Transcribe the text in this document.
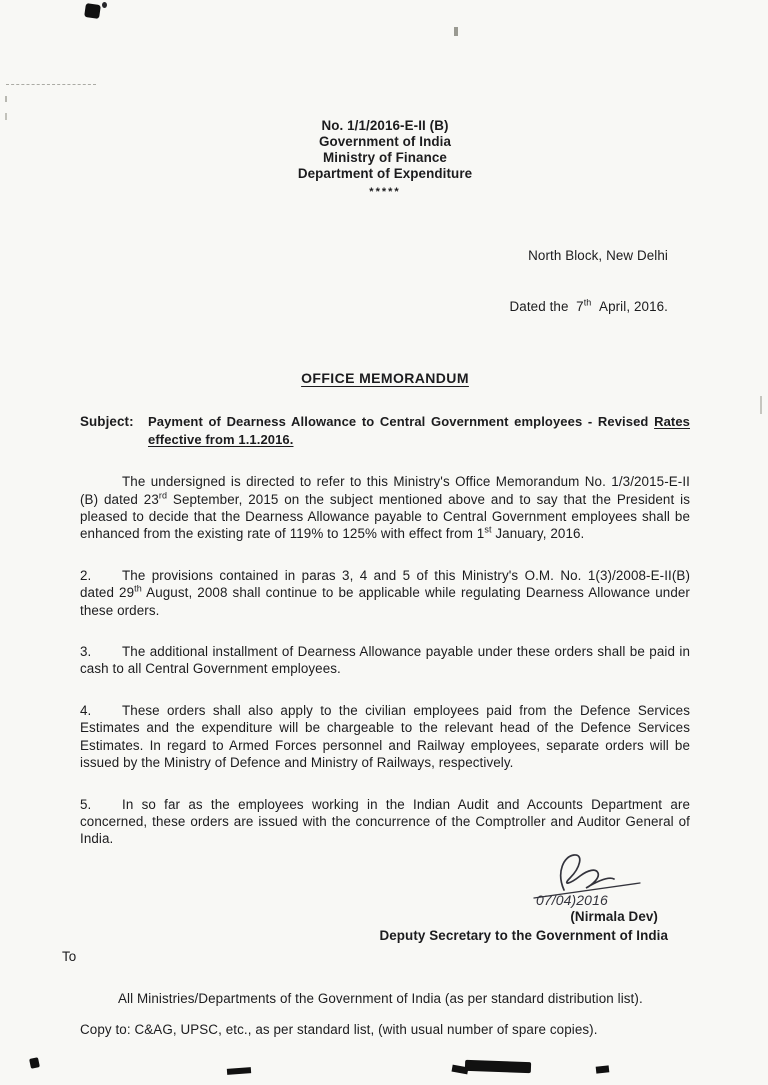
No. 1/1/2016-E-II (B)
Government of India
Ministry of Finance
Department of Expenditure
*****

North Block, New Delhi

Dated the  7th  April, 2016.

OFFICE MEMORANDUM
Subject:	Payment of Dearness Allowance to Central Government employees - Revised Rates effective from 1.1.2016.
The undersigned is directed to refer to this Ministry's Office Memorandum No. 1/3/2015-E-II (B) dated 23rd September, 2015 on the subject mentioned above and to say that the President is pleased to decide that the Dearness Allowance payable to Central Government employees shall be enhanced from the existing rate of 119% to 125% with effect from 1st January, 2016.
2. The provisions contained in paras 3, 4 and 5 of this Ministry's O.M. No. 1(3)/2008-E-II(B) dated 29th August, 2008 shall continue to be applicable while regulating Dearness Allowance under these orders.
3. The additional installment of Dearness Allowance payable under these orders shall be paid in cash to all Central Government employees.
4. These orders shall also apply to the civilian employees paid from the Defence Services Estimates and the expenditure will be chargeable to the relevant head of the Defence Services Estimates. In regard to Armed Forces personnel and Railway employees, separate orders will be issued by the Ministry of Defence and Ministry of Railways, respectively.
5. In so far as the employees working in the Indian Audit and Accounts Department are concerned, these orders are issued with the concurrence of the Comptroller and Auditor General of India.
07/04)2016
(Nirmala Dev)
Deputy Secretary to the Government of India
To
All Ministries/Departments of the Government of India (as per standard distribution list).
Copy to: C&AG, UPSC, etc., as per standard list, (with usual number of spare copies).
